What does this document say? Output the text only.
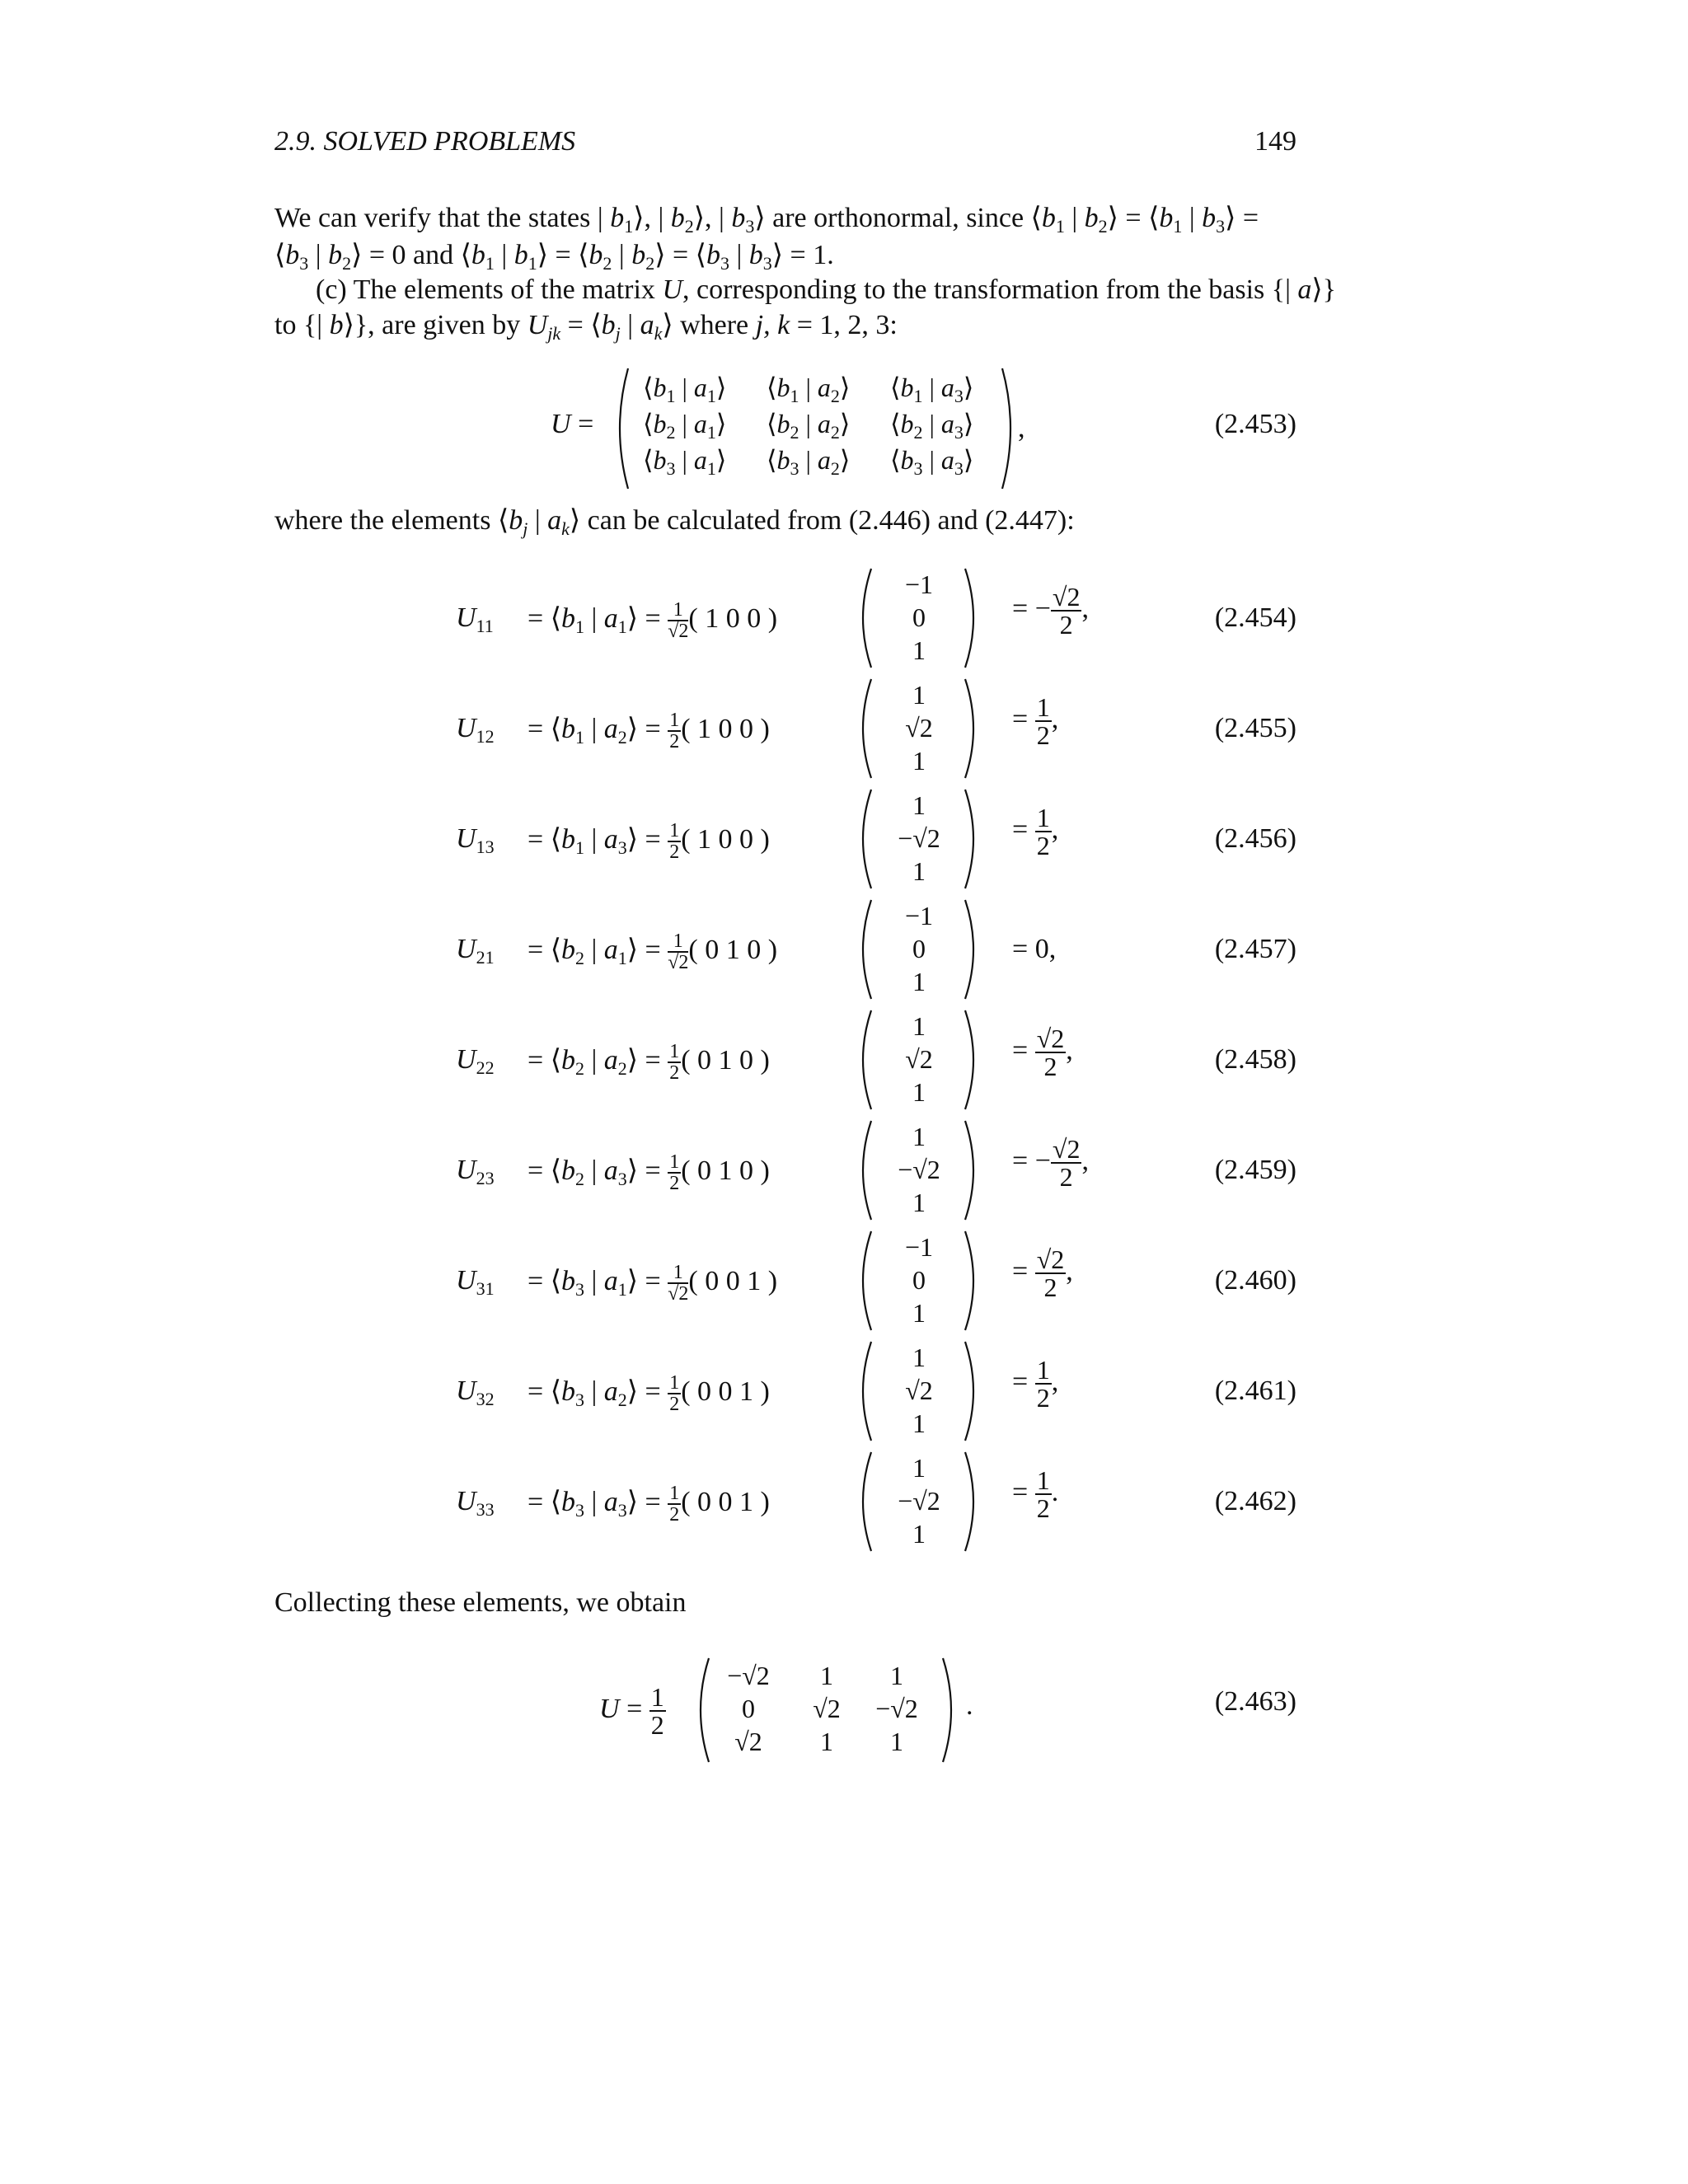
2.9. SOLVED PROBLEMS	149
We can verify that the states | $b_1⟩$, | $b_2⟩$, | $b_3⟩$ are orthonormal, since $⟨b_1$ | $b_2⟩$ = $⟨b_1$ | $b_3⟩$ =
$⟨b_3$ | $b_2⟩ = 0$ and $⟨b_1$ | $b_1⟩$ = $⟨b_2$ | $b_2⟩$ = $⟨b_3$ | $b_3⟩ = 1$.
(c) The elements of the matrix U, corresponding to the transformation from the basis {| a⟩}
to {| b⟩}, are given by $U_{jk}$ = $⟨b_j$ | $a_k⟩$ where j, k = 1, 2, 3:
U =
$⟨b_1$ | $a_1⟩$ $⟨b_1$ | $a_2⟩$ $⟨b_1$ | $a_3⟩$
$⟨b_2$ | $a_1⟩$ $⟨b_2$ | $a_2⟩$ $⟨b_2$ | $a_3⟩$
$⟨b_3$ | $a_1⟩$ $⟨b_3$ | $a_2⟩$ $⟨b_3$ | $a_3⟩$
,	(2.453)
where the elements $⟨b_j$ | $a_k⟩$ can be calculated from (2.446) and (2.447):
$U_{11}$ = $⟨b_1$ | $a_1⟩ = \frac{1}{√2}$ ( 1 0 0 )
−1
0
1
= − $\frac{√2}{2}$ ,	(2.454)
$U_{12}$ = $⟨b_1$ | $a_2⟩ = \frac{1}{2}$ ( 1 0 0 )
1
√2
1
= $\frac{1}{2}$ ,	(2.455)
$U_{13}$ = $⟨b_1$ | $a_3⟩ = \frac{1}{2}$ ( 1 0 0 )
1
−√2
1
= $\frac{1}{2}$ ,	(2.456)
$U_{21}$ = $⟨b_2$ | $a_1⟩ = \frac{1}{√2}$ ( 0 1 0 )
−1
0
1
= 0,	(2.457)
$U_{22}$ = $⟨b_2$ | $a_2⟩ = \frac{1}{2}$ ( 0 1 0 )
1
√2
1
= $\frac{√2}{2}$ ,	(2.458)
$U_{23}$ = $⟨b_2$ | $a_3⟩ = \frac{1}{2}$ ( 0 1 0 )
1
−√2
1
= − $\frac{√2}{2}$ ,	(2.459)
$U_{31}$ = $⟨b_3$ | $a_1⟩ = \frac{1}{√2}$ ( 0 0 1 )
−1
0
1
= $\frac{√2}{2}$ ,	(2.460)
$U_{32}$ = $⟨b_3$ | $a_2⟩ = \frac{1}{2}$ ( 0 0 1 )
1
√2
1
= $\frac{1}{2}$ ,	(2.461)
$U_{33}$ = $⟨b_3$ | $a_3⟩ = \frac{1}{2}$ ( 0 0 1 )
1
−√2
1
= $\frac{1}{2}$ .	(2.462)
Collecting these elements, we obtain
$U = \frac{1}{2}$
−√2	1	1
0	√2	−√2
√2	1	1
.	(2.463)
